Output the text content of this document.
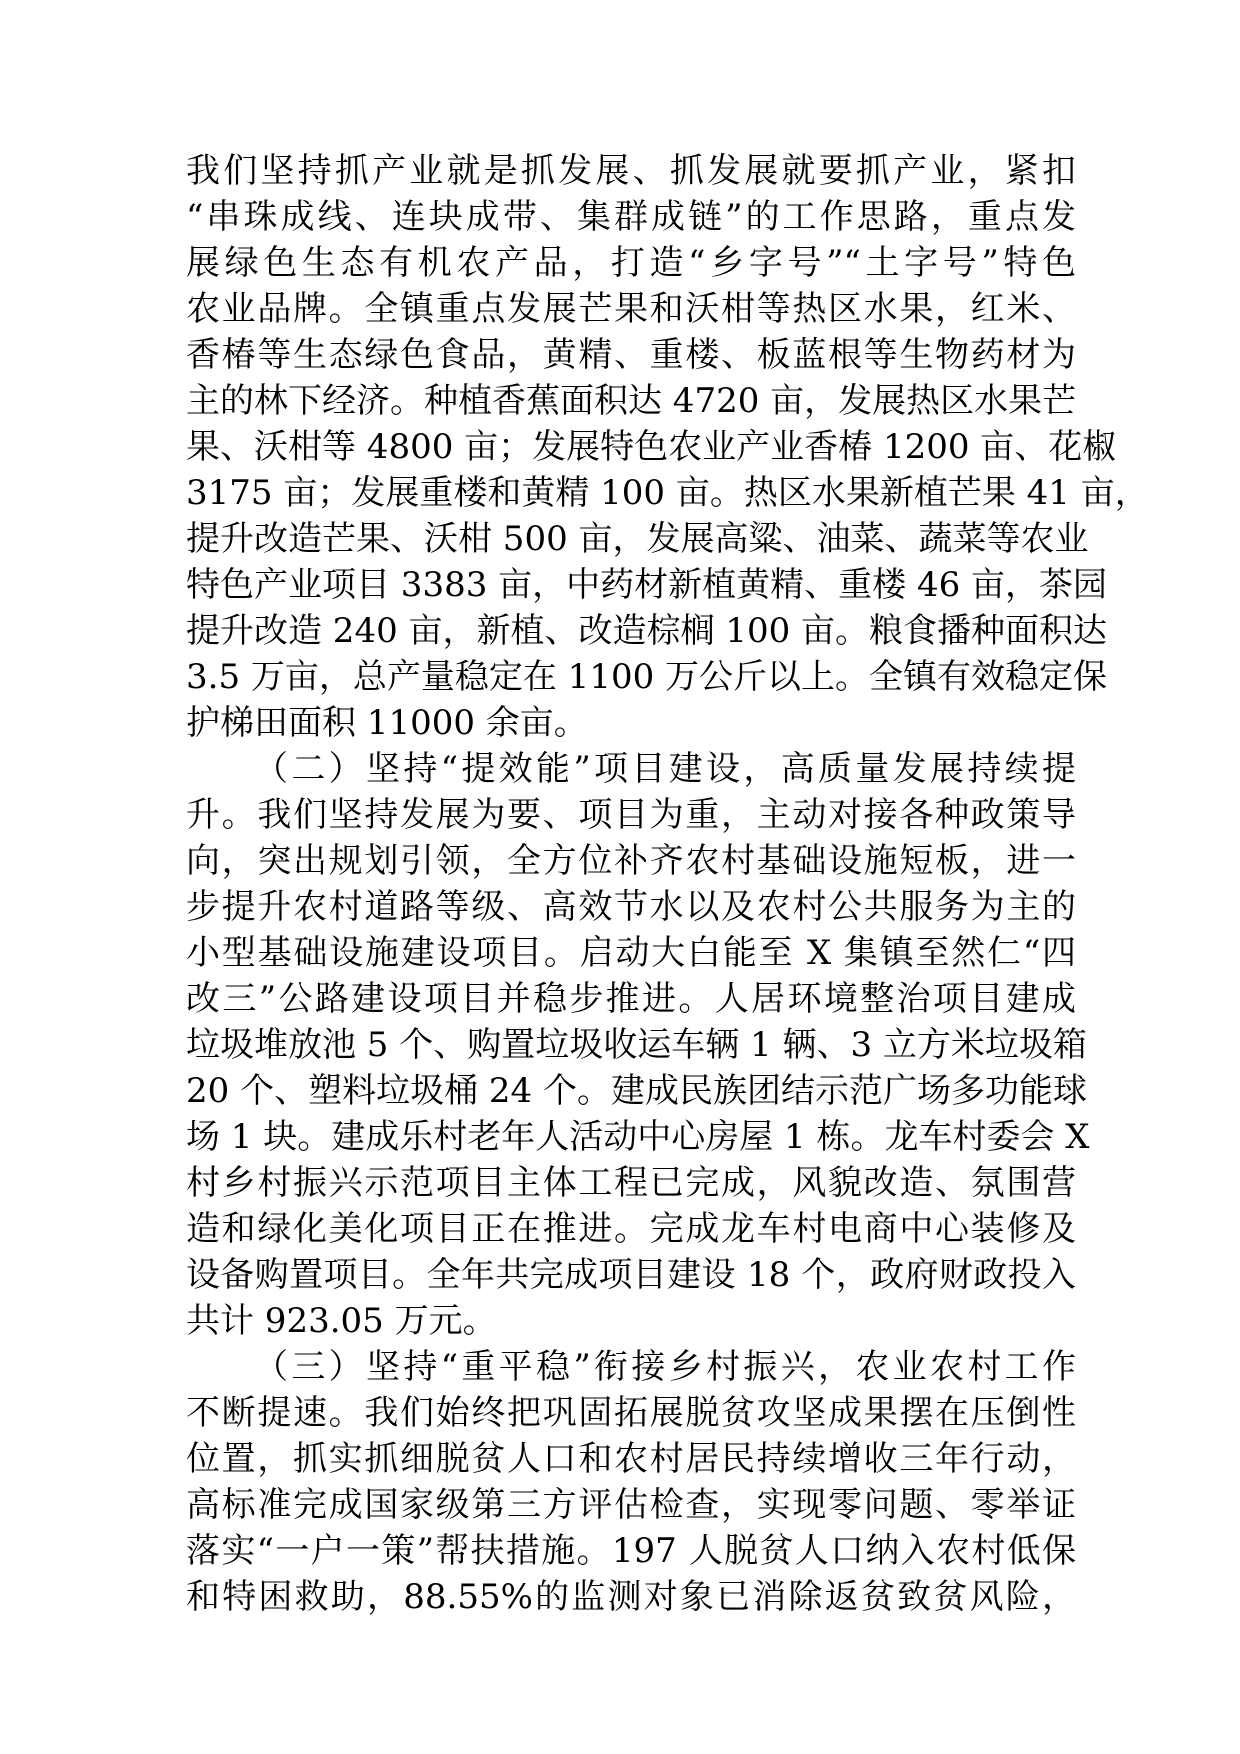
我们坚持抓产业就是抓发展、抓发展就要抓产业，紧扣
“串珠成线、连块成带、集群成链”的工作思路，重点发
展绿色生态有机农产品，打造“乡字号”“土字号”特色
农业品牌。全镇重点发展芒果和沃柑等热区水果，红米、
香椿等生态绿色食品，黄精、重楼、板蓝根等生物药材为
主的林下经济。种植香蕉面积达 4720 亩，发展热区水果芒
果、沃柑等 4800 亩；发展特色农业产业香椿 1200 亩、花椒
3175 亩；发展重楼和黄精 100 亩。热区水果新植芒果 41 亩，
提升改造芒果、沃柑 500 亩，发展高粱、油菜、蔬菜等农业
特色产业项目 3383 亩，中药材新植黄精、重楼 46 亩，茶园
提升改造 240 亩，新植、改造棕榈 100 亩。粮食播种面积达
3.5 万亩，总产量稳定在 1100 万公斤以上。全镇有效稳定保
护梯田面积 11000 余亩。
（二）坚持“提效能”项目建设，高质量发展持续提
升。我们坚持发展为要、项目为重，主动对接各种政策导
向，突出规划引领，全方位补齐农村基础设施短板，进一
步提升农村道路等级、高效节水以及农村公共服务为主的
小型基础设施建设项目。启动大白能至 X 集镇至然仁“四
改三”公路建设项目并稳步推进。人居环境整治项目建成
垃圾堆放池 5 个、购置垃圾收运车辆 1 辆、3 立方米垃圾箱
20 个、塑料垃圾桶 24 个。建成民族团结示范广场多功能球
场 1 块。建成乐村老年人活动中心房屋 1 栋。龙车村委会 X
村乡村振兴示范项目主体工程已完成，风貌改造、氛围营
造和绿化美化项目正在推进。完成龙车村电商中心装修及
设备购置项目。全年共完成项目建设 18 个，政府财政投入
共计 923.05 万元。
（三）坚持“重平稳”衔接乡村振兴，农业农村工作
不断提速。我们始终把巩固拓展脱贫攻坚成果摆在压倒性
位置，抓实抓细脱贫人口和农村居民持续增收三年行动，
高标准完成国家级第三方评估检查，实现零问题、零举证
落实“一户一策”帮扶措施。197 人脱贫人口纳入农村低保
和特困救助，88.55%的监测对象已消除返贫致贫风险，
